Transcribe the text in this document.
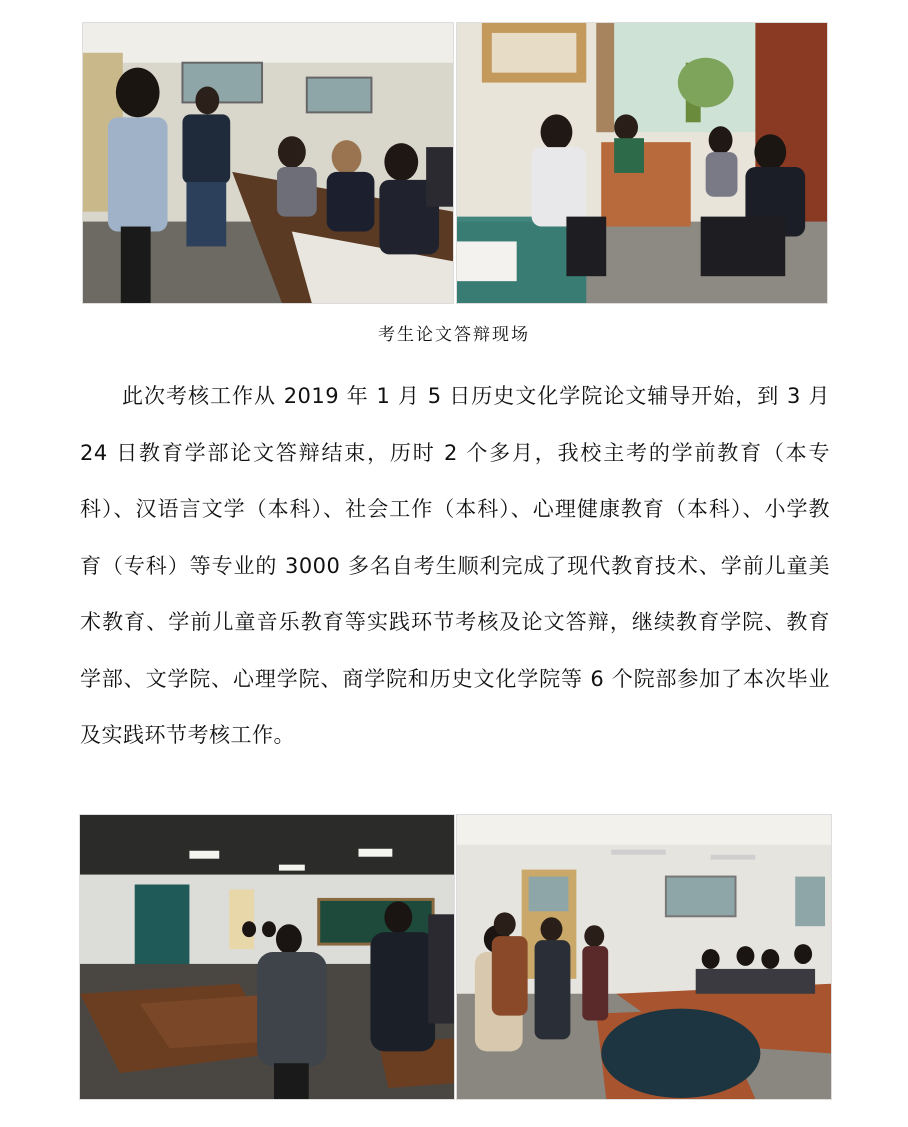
考生论文答辩现场
此次考核工作从 2019 年 1 月 5 日历史文化学院论文辅导开始，到 3 月 24 日教育学部论文答辩结束，历时 2 个多月，我校主考的学前教育（本专科）、汉语言文学（本科）、社会工作（本科）、心理健康教育（本科）、小学教育（专科）等专业的 3000 多名自考生顺利完成了现代教育技术、学前儿童美术教育、学前儿童音乐教育等实践环节考核及论文答辩，继续教育学院、教育学部、文学院、心理学院、商学院和历史文化学院等 6 个院部参加了本次毕业及实践环节考核工作。
